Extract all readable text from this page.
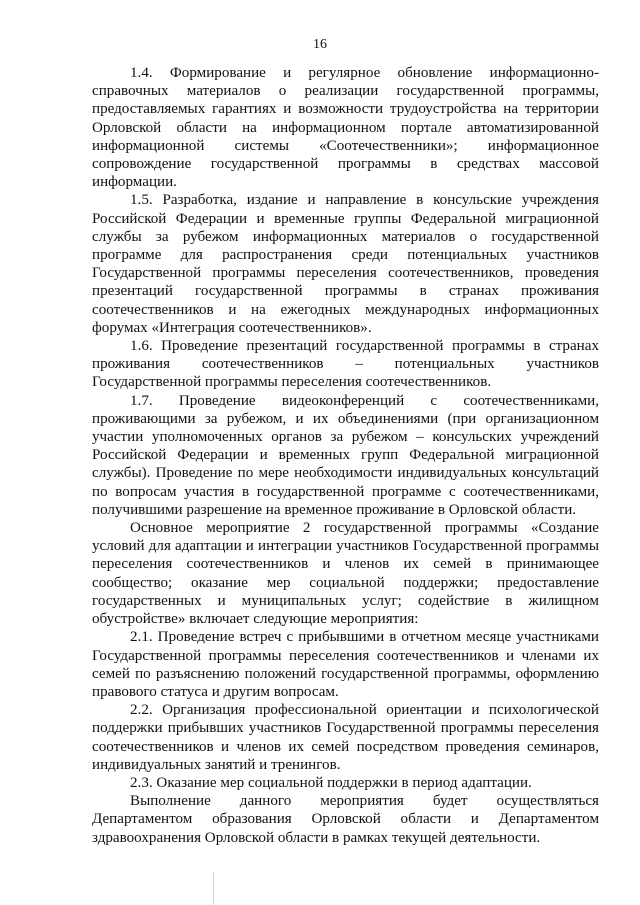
16

1.4. Формирование и регулярное обновление информационно-справочных материалов о реализации государственной программы, предоставляемых гарантиях и возможности трудоустройства на территории Орловской области на информационном портале автоматизированной информационной системы «Соотечественники»; информационное сопровождение государственной программы в средствах массовой информации.

1.5. Разработка, издание и направление в консульские учреждения Российской Федерации и временные группы Федеральной миграционной службы за рубежом информационных материалов о государственной программе для распространения среди потенциальных участников Государственной программы переселения соотечественников, проведения презентаций государственной программы в странах проживания соотечественников и на ежегодных международных информационных форумах «Интеграция соотечественников».

1.6. Проведение презентаций государственной программы в странах проживания соотечественников – потенциальных участников Государственной программы переселения соотечественников.

1.7. Проведение видеоконференций с соотечественниками, проживающими за рубежом, и их объединениями (при организационном участии уполномоченных органов за рубежом – консульских учреждений Российской Федерации и временных групп Федеральной миграционной службы). Проведение по мере необходимости индивидуальных консультаций по вопросам участия в государственной программе с соотечественниками, получившими разрешение на временное проживание в Орловской области.

Основное мероприятие 2 государственной программы «Создание условий для адаптации и интеграции участников Государственной программы переселения соотечественников и членов их семей в принимающее сообщество; оказание мер социальной поддержки; предоставление государственных и муниципальных услуг; содействие в жилищном обустройстве» включает следующие мероприятия:

2.1. Проведение встреч с прибывшими в отчетном месяце участниками Государственной программы переселения соотечественников и членами их семей по разъяснению положений государственной программы, оформлению правового статуса и другим вопросам.

2.2. Организация профессиональной ориентации и психологической поддержки прибывших участников Государственной программы переселения соотечественников и членов их семей посредством проведения семинаров, индивидуальных занятий и тренингов.

2.3. Оказание мер социальной поддержки в период адаптации.

Выполнение данного мероприятия будет осуществляться Департаментом образования Орловской области и Департаментом здравоохранения Орловской области в рамках текущей деятельности.
